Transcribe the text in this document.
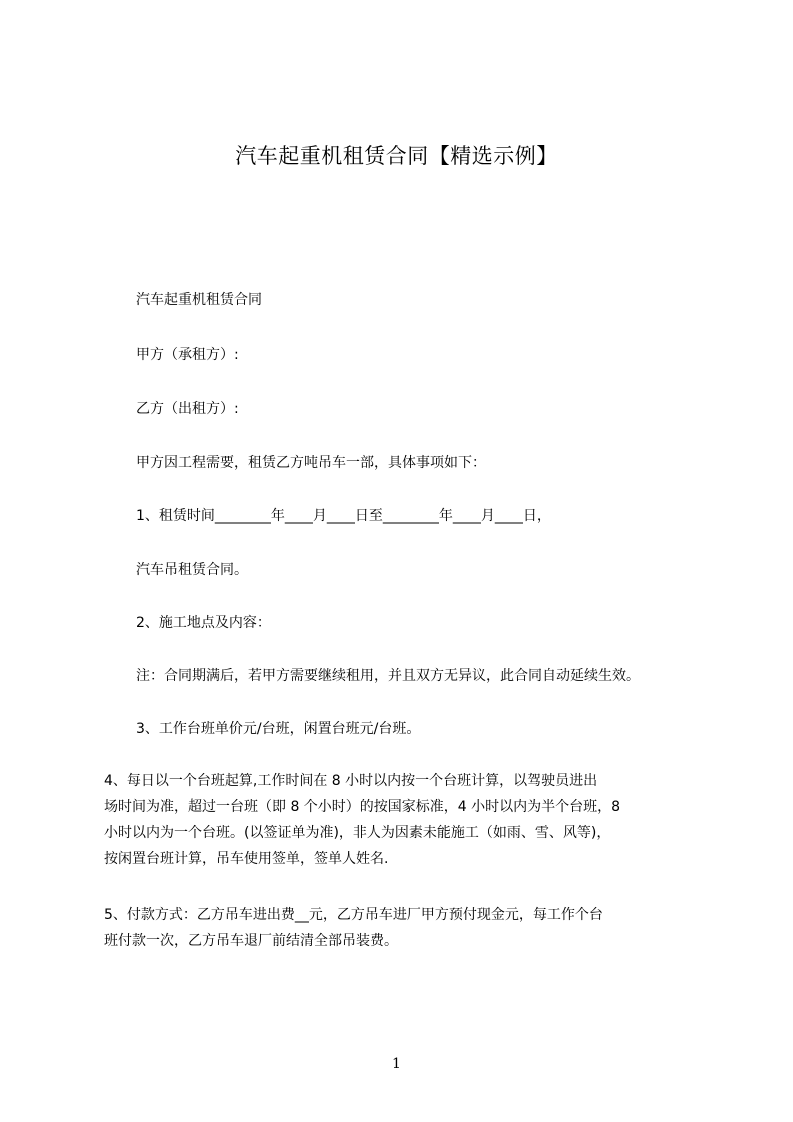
汽车起重机租赁合同【精选示例】

汽车起重机租赁合同

甲方（承租方）:

乙方（出租方）:

甲方因工程需要，租赁乙方吨吊车一部，具体事项如下：

1、租赁时间________年____月____日至________年____月____日，

汽车吊租赁合同。

2、施工地点及内容：

注：合同期满后，若甲方需要继续租用，并且双方无异议，此合同自动延续生效。

3、工作台班单价元/台班，闲置台班元/台班。

4、每日以一个台班起算,工作时间在 8 小时以内按一个台班计算，以驾驶员进出
场时间为准，超过一台班（即 8 个小时）的按国家标准，4 小时以内为半个台班，8
小时以内为一个台班。(以签证单为准)，非人为因素未能施工（如雨、雪、风等)，
按闲置台班计算，吊车使用签单，签单人姓名.
5、付款方式：乙方吊车进出费__元，乙方吊车进厂甲方预付现金元，每工作个台
班付款一次，乙方吊车退厂前结清全部吊装费。

1
